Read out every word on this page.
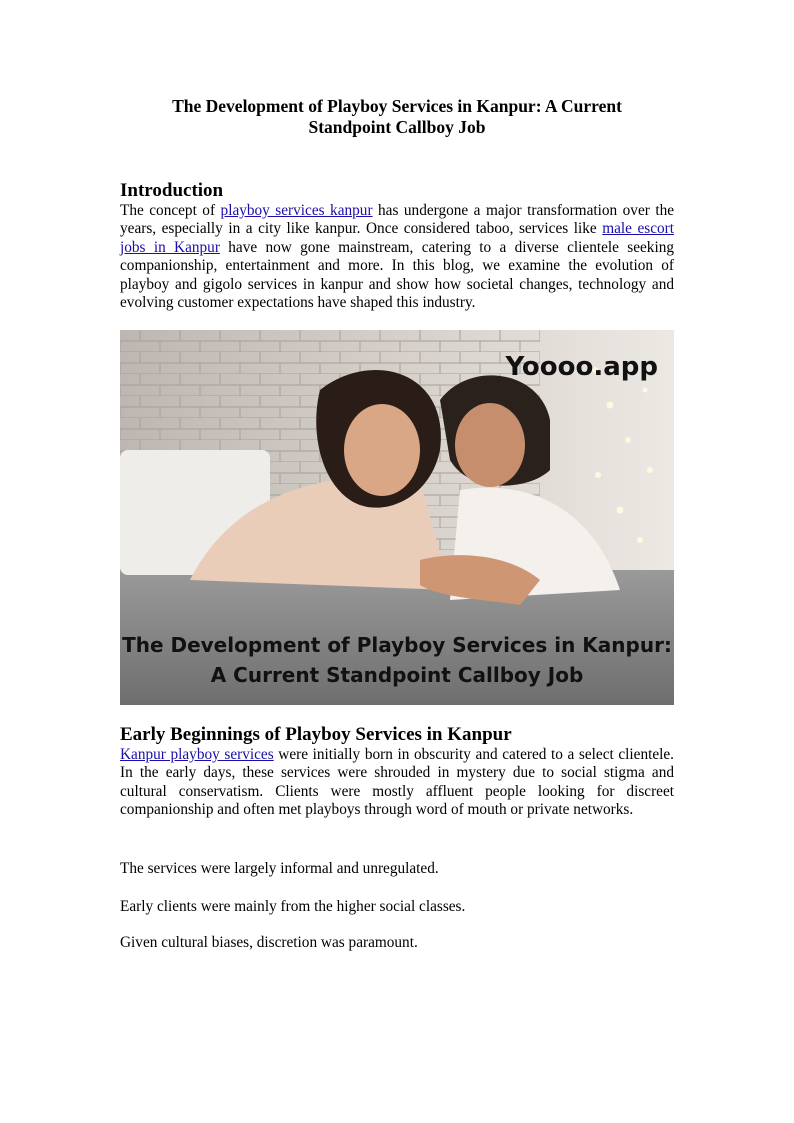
The Development of Playboy Services in Kanpur: A Current
Standpoint Callboy Job
Introduction

The concept of playboy services kanpur has undergone a major transformation over the years, especially in a city like kanpur. Once considered taboo, services like male escort jobs in Kanpur have now gone mainstream, catering to a diverse clientele seeking companionship, entertainment and more. In this blog, we examine the evolution of playboy and gigolo services in kanpur and show how societal changes, technology and evolving customer expectations have shaped this industry.

Yoooo.app
The Development of Playboy Services in Kanpur:
A Current Standpoint Callboy Job
Early Beginnings of Playboy Services in Kanpur

Kanpur playboy services were initially born in obscurity and catered to a select clientele. In the early days, these services were shrouded in mystery due to social stigma and cultural conservatism. Clients were mostly affluent people looking for discreet companionship and often met playboys through word of mouth or private networks.

The services were largely informal and unregulated.
Early clients were mainly from the higher social classes.
Given cultural biases, discretion was paramount.
